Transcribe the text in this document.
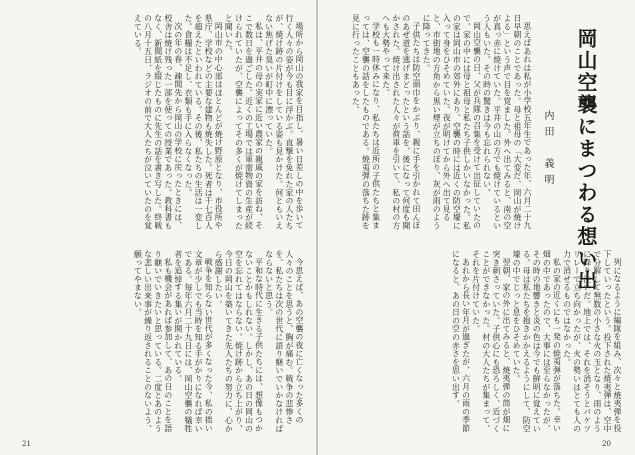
場所から岡山の我家を目指し、暑い日差しの中を歩いて行く人々の姿が今も目に浮かぶ。直撃を免れた家の人たちが、焼け跡の片付けをしている姿も見かけた。何ともいえない焦げた臭いが町中に漂っていた。

私は、平井の母の実家に近い農家の親戚の家を訪ね、そこで数日を過ごした。近くの工場では軍需物資の生産が続けられていたが、空襲によってその多くが焼けてしまったと聞いた。

岡山市の中心部はほとんどが焼け野原となり、市役所や県庁、学校などの主要な建物も焼失した。死者は千七百人を超えたといわれている。その後、私たちの生活は一変した。食糧は不足し、衣類も手に入らなくなった。

次の年の春、疎開先から岡山の学校に戻ったときには、校舎は焼け残った一部を使っての授業であった。教科書もなく、新聞紙を綴じたものに先生の話を書き写した。終戦の八月十五日、ラジオの前で大人たちが泣いていたのを覚えている。

今思えば、あの空襲の夜に亡くなった多くの人々のことを思うと、胸が痛む。戦争の悲惨さを、私たちは次の世代に語り継いでいかなければならないと思う。

平和な時代に生きる子供たちには、想像もつかないことかもしれない。しかし、あの日の岡山の空を忘れてはならない。焼け跡から立ち上がり、今日の岡山を築いてきた先人たちの努力に、心から感謝したい。

戦争を知らない世代が多くなった今、私の拙い文章が少しでも当時を知る手がかりになれば幸いである。毎年六月二十九日には、岡山空襲の犠牲者を追悼する集いが開かれている。

私も機会があれば参加して、あの日のことを語り継いでいきたいと思っている。二度とあのような悲しい出来事が繰り返されることのないよう、願ってやまない。

21
岡山空襲にまつわる想い出
内田　義明

思えばあれは私が小学校五年生であった年、六月二十九日早朝のことであった。母と祖母の「大変だ、岡山が焼けよる」という声で目を覚ました。外へ出てみると、南の空が真っ赤に焼けていた。平井の山の方でも焼けているという人もいた。その時の驚きは今も忘れられない。

岡山空襲の日、父が兵隊の召集を受けて出征していたので、家の中には母と祖母と私たち子供しかいなかった。私の家は岡山市の郊外にあり、空襲の時には近くの防空壕に入って身をひそめていた。夜が明けてから外へ出て見ると、市街地の方角から黒い煙が立ちのぼり、灰が雨のように降ってきた。

子供たちは防空頭巾をかぶり、親に手を引かれて田んぼのあぜ道を逃げまどったという話を、後になって何度も聞かされた。焼け出された人々が荷車を引いて、私の村の方へも大勢やって来た。

学校も一時休みになり、私たちは近所の子供たちと集まっては、空襲の話をしたものである。焼夷弾の落ちた跡を見に行ったこともあった。

列になるように編隊を組み、次々と焼夷弾を投下していったという。投下された焼夷弾は、空中で分解して無数の小さな火の玉となり、雨のように降り注いだ。地上では、それを消そうとバケツリレーで立ち向かったが、火の勢いはとても人の力で消せるものではなかった。

私の家の近くにも一発の焼夷弾が落ちた。幸い畑の中であったので、大事には至らなかったが、その時の地響きと炎の色は今でも鮮明に覚えている。母は私たちを抱きかかえるようにして、防空壕の中でじっと息をひそめていた。

翌朝、家の外に出てみると、焼夷弾の筒が畑に突き刺さっていた。子供心にも恐ろしく、近づくことができなかった。村の大人たちが集まって、それを片付けていた。

あれから長い年月が過ぎたが、六月の雨の季節になると、あの日の空の赤さを思い出す。

20
